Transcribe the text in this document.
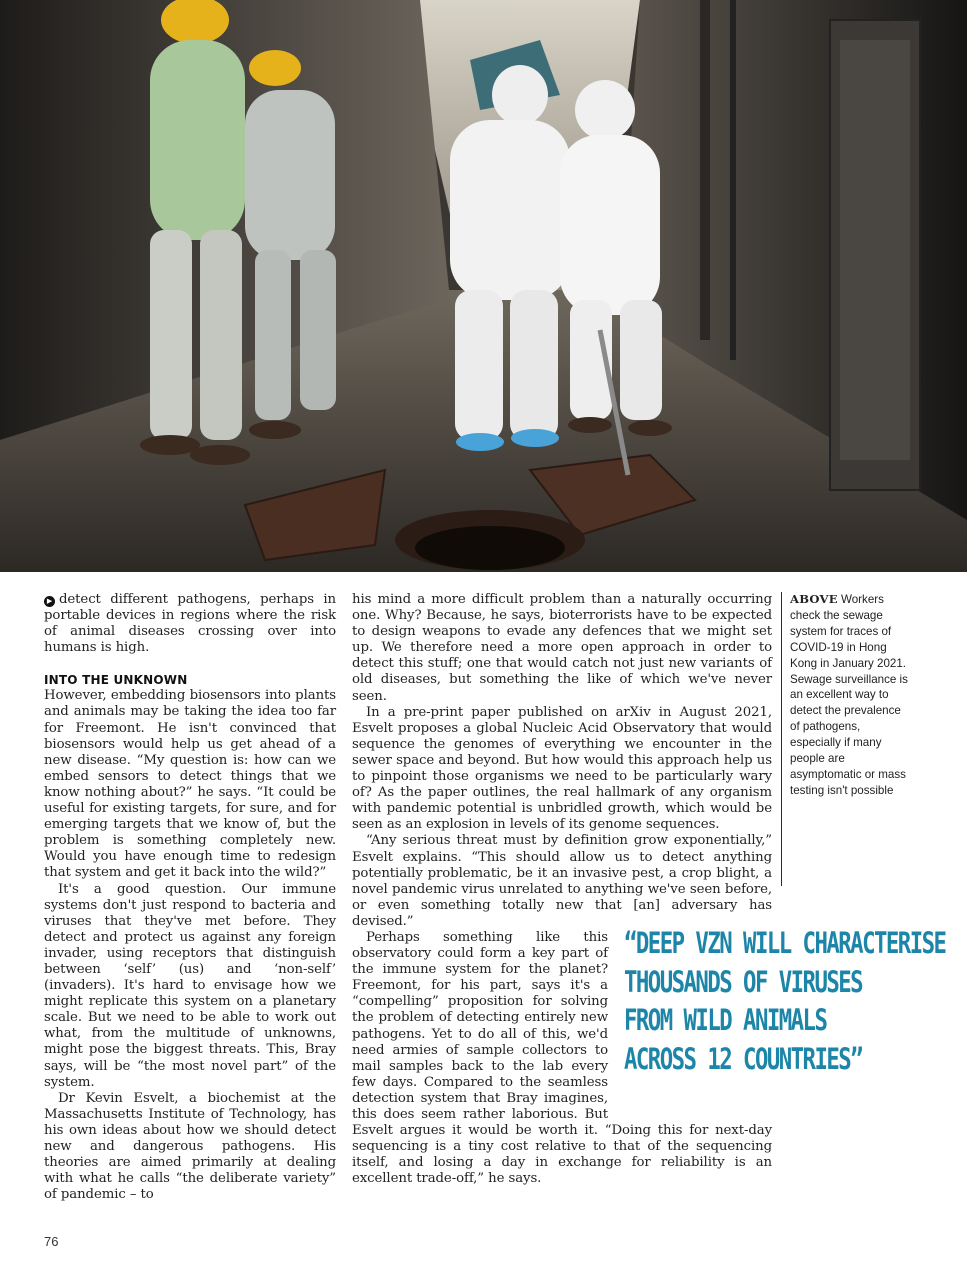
▶ detect different pathogens, perhaps in portable devices in regions where the risk of animal diseases crossing over into humans is high.

INTO THE UNKNOWN

However, embedding biosensors into plants and animals may be taking the idea too far for Freemont. He isn't convinced that biosensors would help us get ahead of a new disease. “My question is: how can we embed sensors to detect things that we know nothing about?” he says. “It could be useful for existing targets, for sure, and for emerging targets that we know of, but the problem is something completely new. Would you have enough time to redesign that system and get it back into the wild?”

It's a good question. Our immune systems don't just respond to bacteria and viruses that they've met before. They detect and protect us against any foreign invader, using receptors that distinguish between ‘self’ (us) and ‘non-self’ (invaders). It's hard to envisage how we might replicate this system on a planetary scale. But we need to be able to work out what, from the multitude of unknowns, might pose the biggest threats. This, Bray says, will be “the most novel part” of the system.

Dr Kevin Esvelt, a biochemist at the Massachusetts Institute of Technology, has his own ideas about how we should detect new and dangerous pathogens. His theories are aimed primarily at dealing with what he calls “the deliberate variety” of pandemic – to

his mind a more difficult problem than a naturally occurring one. Why? Because, he says, bioterrorists have to be expected to design weapons to evade any defences that we might set up. We therefore need a more open approach in order to detect this stuff; one that would catch not just new variants of old diseases, but something the like of which we've never seen.

In a pre-print paper published on arXiv in August 2021, Esvelt proposes a global Nucleic Acid Observatory that would sequence the genomes of everything we encounter in the sewer space and beyond. But how would this approach help us to pinpoint those organisms we need to be particularly wary of? As the paper outlines, the real hallmark of any organism with pandemic potential is unbridled growth, which would be seen as an explosion in levels of its genome sequences.

“Any serious threat must by definition grow exponentially,” Esvelt explains. “This should allow us to detect anything potentially problematic, be it an invasive pest, a crop blight, a novel pandemic virus unrelated to anything we've seen before, or even something totally new that [an] adversary has devised.”

Perhaps something like this observatory could form a key part of the immune system for the planet? Freemont, for his part, says it's a “compelling” proposition for solving the problem of detecting entirely new pathogens. Yet to do all of this, we'd need armies of sample collectors to mail samples back to the lab every few days. Compared to the seamless detection system that Bray imagines, this does seem rather laborious. But Esvelt argues it would be worth it. “Doing this for next-day sequencing is a tiny cost relative to that of the sequencing itself, and losing a day in exchange for reliability is an excellent trade-off,” he says.

ABOVE Workers check the sewage system for traces of COVID-19 in Hong Kong in January 2021. Sewage surveillance is an excellent way to detect the prevalence of pathogens, especially if many people are asymptomatic or mass testing isn't possible
“DEEP VZN WILL CHARACTERISE
THOUSANDS OF VIRUSES
FROM WILD ANIMALS
ACROSS 12 COUNTRIES”
76
